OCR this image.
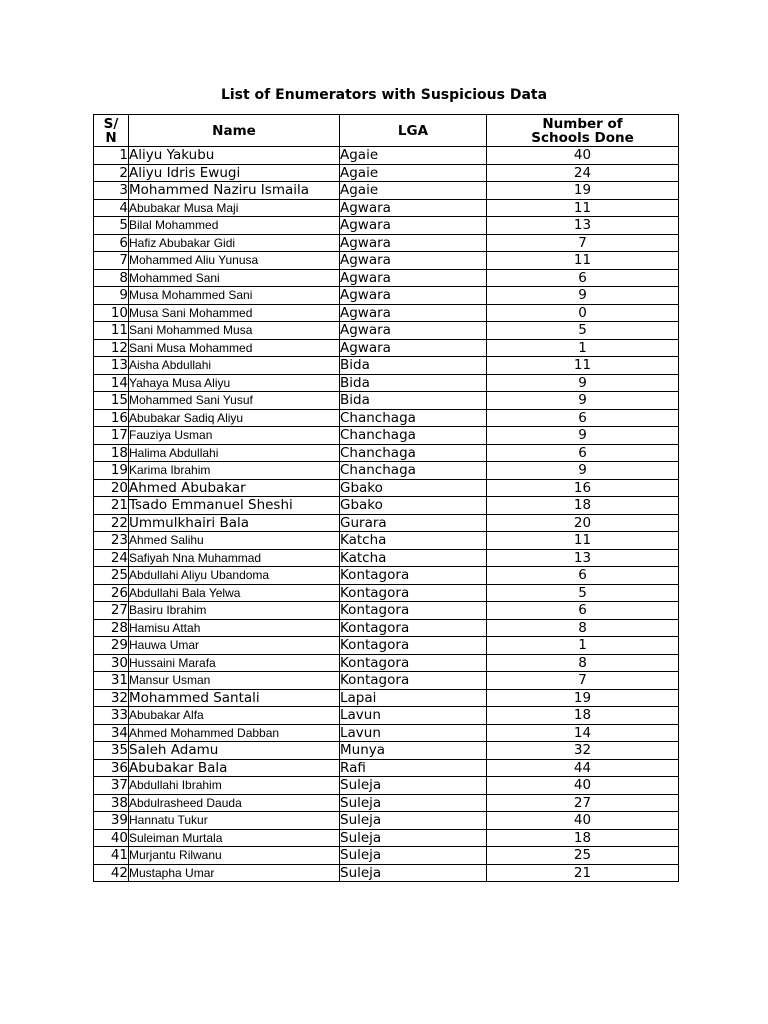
List of Enumerators with Suspicious Data
S/ N	Name	LGA	Number of Schools Done
1	Aliyu Yakubu	Agaie	40
2	Aliyu Idris Ewugi	Agaie	24
3	Mohammed Naziru Ismaila	Agaie	19
4	Abubakar Musa Maji	Agwara	11
5	Bilal Mohammed	Agwara	13
6	Hafiz Abubakar Gidi	Agwara	7
7	Mohammed Aliu Yunusa	Agwara	11
8	Mohammed Sani	Agwara	6
9	Musa Mohammed Sani	Agwara	9
10	Musa Sani Mohammed	Agwara	0
11	Sani Mohammed Musa	Agwara	5
12	Sani Musa Mohammed	Agwara	1
13	Aisha Abdullahi	Bida	11
14	Yahaya Musa Aliyu	Bida	9
15	Mohammed Sani Yusuf	Bida	9
16	Abubakar Sadiq Aliyu	Chanchaga	6
17	Fauziya Usman	Chanchaga	9
18	Halima Abdullahi	Chanchaga	6
19	Karima Ibrahim	Chanchaga	9
20	Ahmed Abubakar	Gbako	16
21	Tsado Emmanuel Sheshi	Gbako	18
22	Ummulkhairi Bala	Gurara	20
23	Ahmed Salihu	Katcha	11
24	Safiyah Nna Muhammad	Katcha	13
25	Abdullahi Aliyu Ubandoma	Kontagora	6
26	Abdullahi Bala Yelwa	Kontagora	5
27	Basiru Ibrahim	Kontagora	6
28	Hamisu Attah	Kontagora	8
29	Hauwa Umar	Kontagora	1
30	Hussaini Marafa	Kontagora	8
31	Mansur Usman	Kontagora	7
32	Mohammed Santali	Lapai	19
33	Abubakar Alfa	Lavun	18
34	Ahmed Mohammed Dabban	Lavun	14
35	Saleh Adamu	Munya	32
36	Abubakar Bala	Rafi	44
37	Abdullahi Ibrahim	Suleja	40
38	Abdulrasheed Dauda	Suleja	27
39	Hannatu Tukur	Suleja	40
40	Suleiman Murtala	Suleja	18
41	Murjantu Rilwanu	Suleja	25
42	Mustapha Umar	Suleja	21
